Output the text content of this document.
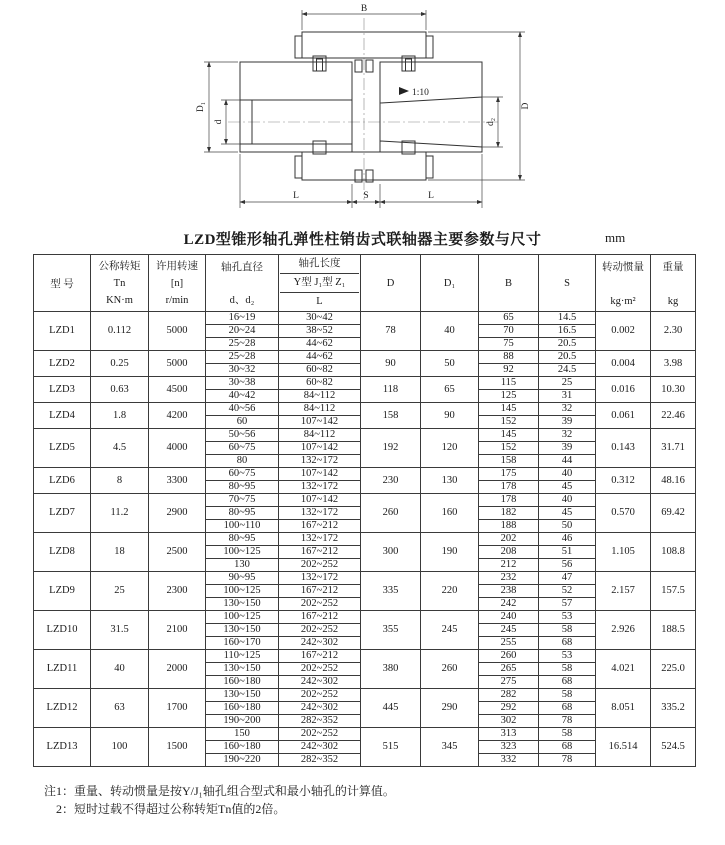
1:10
B
L	S	L
D₁
d	d₂
D
LZD型锥形轴孔弹性柱销齿式联轴器主要参数与尺寸	mm
型 号	
公称转矩
Tn
KN·m

许用转速
[n]
r/min

轴孔直径
d、d₂

轴孔长度
Y型 J₁型 Z₁
L
	D	D₁	B	S	
转动惯量
kg·m²

重量
kg

LZD1	0.112	5000	16~19	30~42	78	40	65	14.5	0.002	2.30
			20~24	38~52			70	16.5		
			25~28	44~62			75	20.5		
LZD2	0.25	5000	25~28	44~62	90	50	88	20.5	0.004	3.98
			30~32	60~82			92	24.5		
LZD3	0.63	4500	30~38	60~82	118	65	115	25	0.016	10.30
			40~42	84~112			125	31		
LZD4	1.8	4200	40~56	84~112	158	90	145	32	0.061	22.46
			60	107~142			152	39		
LZD5	4.5	4000	50~56	84~112	192	120	145	32	0.143	31.71
			60~75	107~142			152	39		
			80	132~172			158	44		
LZD6	8	3300	60~75	107~142	230	130	175	40	0.312	48.16
			80~95	132~172			178	45		
LZD7	11.2	2900	70~75	107~142	260	160	178	40	0.570	69.42
			80~95	132~172			182	45		
			100~110	167~212			188	50		
LZD8	18	2500	80~95	132~172	300	190	202	46	1.105	108.8
			100~125	167~212			208	51		
			130	202~252			212	56		
LZD9	25	2300	90~95	132~172	335	220	232	47	2.157	157.5
			100~125	167~212			238	52		
			130~150	202~252			242	57		
LZD10	31.5	2100	100~125	167~212	355	245	240	53	2.926	188.5
			130~150	202~252			245	58		
			160~170	242~302			255	68		
LZD11	40	2000	110~125	167~212	380	260	260	53	4.021	225.0
			130~150	202~252			265	58		
			160~180	242~302			275	68		
LZD12	63	1700	130~150	202~252	445	290	282	58	8.051	335.2
			160~180	242~302			292	68		
			190~200	282~352			302	78		
LZD13	100	1500	150	202~252	515	345	313	58	16.514	524.5
			160~180	242~302			323	68		
			190~220	282~352			332	78		
注1：重量、转动惯量是按Y/J₁轴孔组合型式和最小轴孔的计算值。
2：短时过载不得超过公称转矩Tn值的2倍。
